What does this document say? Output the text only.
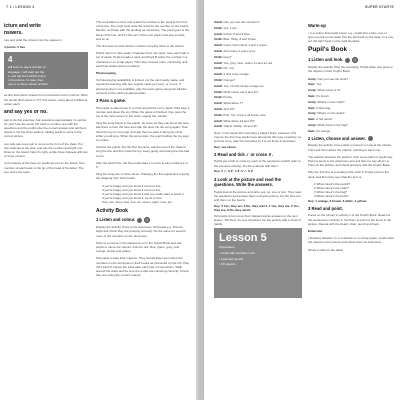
T 1 • LESSON 3
icture and write
nswers.

ture and write the colours into the spaces in

4 points; 5 five

4
will learn to use a number of
anguage. I will read out the
s, and tell them which colour
n the picture. In case, then
use in a colour school uniform.

ed line that colour streets from red lessons and in school. Write the words (first colour is 777 first colour, using about a different colour each.

and say yes or no.

pair to do this exercise. Ask questions appropriately. A number for yes? Use the same CD track to number one with the questions and the pupils give the correct answer and tell them repeat it. Do the three actions, folding pupils to point to the correct picture.

one side ask one pupil to come to the front of the class. Put two students at the side, and say the number and right one. Draw on the board: Now it's right, a little Nose; Repeat with two or three colours.

ut the leaves of the trees as pupils are put on the board. One member of each team is the tip of the head of the letter. The one who's the team.

The cook takes a card, and reads the number to the pupil at the front of the line. The pupil must write the word for the number on the board. Monitor, and help with the spelling as necessary. The pupil goes to the back of the line, and it's the turn of the next pupil in the line to write, and so on.

The first team to write all the numbers correctly twice is the winner.

Pupils return to their seats. Organise them into pairs. Give each pair a set of cards. Pupil A reads a card, and Pupil B writes the number in a notebook or on scrap paper. Then they reverse roles, continuing until each has written all ten numbers.

Photocopying

If photocopying availability is limited, cut the card ready made, and repeat the learning with four regular cards per team, or on pic. If photocopying is not available, play the team game using two-fold/ten versions of the cards prepared earlier.

3 Pass a game.

Tell pupils to stand once in a circle around the room. Each child says a number and takes the toy. When the game is finished, they pass the toy to the next person in the circle, saying the number.

Sing the song below to the pupils, as many as they can know the tune, ask them to hum the tune and clap the beat. Do the song again. Then hand the toy to one pupil, and ask them to pass it along the circle while you all sing. When the song stops, the pupil holding the toy says a number.

Choose the pupils. Put the first two lines, ask the rest of the class to sing the line and then pass the toy. Keep going until everyone has had a turn.

After the fourth line, the five pupils take it in turns to say numbers 1 to 5.

Sing the song two or three times, changing the five pupils and copying the clapping from both hands:

If you're happy and you know it count to five,
If you're happy and you know it count to five,
If you're happy and you know it and you really want to show it,
If you're happy and you know it, count to five!
One, two, three, four, five, six, seven, eight, nine, ten.
Activity Book
1 Listen and colour.

Display the activity. Point to the dominoes. Tell pupils e.g. Point to eight and check they are pointing correctly. Do the same for several more of the numbers on the dominoes.

Point to a picture in the classroom or in the Pupil's Book and ask pupils to name the colours. Point to red, blue, green, grey, pink, orange, purple and yellow.

Tell pupils to take their crayons. They should listen and colour the numbers on the dominoes in their books as instructed on the CD. Play CD1 track 5. Pause the track after each pair of instructions. Walk around the class and be sure the pupils are colouring correctly. Check they are using the correct colours.

SUPER STARTE

Adult: Can you see the numbers?

Child: Yes, I can.

Adult: Colour 8 and 9 blue.

Child: Blue. Okay, 8 and 9 blue.

Adult: Good. Now colour 1 and 2 green.

Adult: And colour 1 and 2 grey.

Child: Grey?

Adult: Yes, grey. Now, colour 11 and 12 red.

Child: OK, red.

Adult: 3 and 4 are orange.

Child: Orange?

Adult: Yes, 10 and 14 are orange too.

Child: What colour are 6 and 11?

Child: Purple.

Adult: What about 7?

Adult: And 15?

Child: Pink. Yes, they're all brown now.

Adult: What about 13 and 15?

Adult: Yellow. Really, 13 and 15.

Note: In the assist this recording it played twice. However, this may be the first time pupils have attempted this type of activity, so just this once, play the recording so it is six times if necessary.

Key: see above.

2 Read and tick ✓ or cross ✗.

Pupils put a tick or cross by each of the sentences (which refer to the previous activity). Do the example with them.

Key: 2 ✓, 3 ✗, 4 ✗, 5 ✓, 6 ✗

3 Look at the picture and read the questions. Write the answers.

Pupils look at the picture and write yes, no, one or two. They read the questions and answer them using the picture. Do the first one with them on the board.

Key: 2 Yes, they are. 3 No, they aren't. 4 Yes, they are. 5 Yes, they are. 6 No, they aren't.

Tell pupils to be put up their clapped tracks answers to the next lesson. Tell them it's very important. Do the activity with a show of hands.

Lesson 5

Preparation

• Cards with numbers 1-20

• Coloured pencils

• CD players

Warm-up

• In a colour that pupils know: e.g., pupils Put a blue, red, or green pencil on the desk. Put the left hand on the desk. In a row, put the right hand on the right shoulder.

Pupil's Book
1 Listen and look.

Display the activity. Play the recording. Pupils listen and point to the objects in their Pupil's Book.

Andy: Can you see the chair?

Sam: Yes.

Andy: What colour is it?

Sam: It's brown.

Andy: What's on the chair?

Sam: A blue bag.

Andy: What's on the desk?

Sam: A red pencil.

Andy: What colour's the bag?

Sam: It's orange.

2 Listen, choose and answer.

Display the activity. Give pupils a moment to look at the picture. Then ask them about the objects, pointing to each one.

The teacher answers the teacher, then some pairs of pupils say. Point to items in the classroom and ask them to say what it is. Then do the activity, and check answers with the Pupil's Book.

Play the first line of recording CD1 track 6. Pupils point to the desk, and then they say what the item is.

1 What colour's the pencil?
2 What colour's the chair?
3 What colour's the bag?
4 What colour's the book?

Key: 1 orange, 2 brown, 3 white, 4 yellow.

3 Read and point.

Focus on the picture in activity 1 of the Pupil's Book. Read out the sentences in activity 3. Tell them to point to the items in the picture. Repeat with the board, chair, pencil and book.

Extension

• Drawing dictation: In a notebook or on scrap paper, pupils draw the objects in the picture and colour them as instructed.

(Draw a chair on the desk)
